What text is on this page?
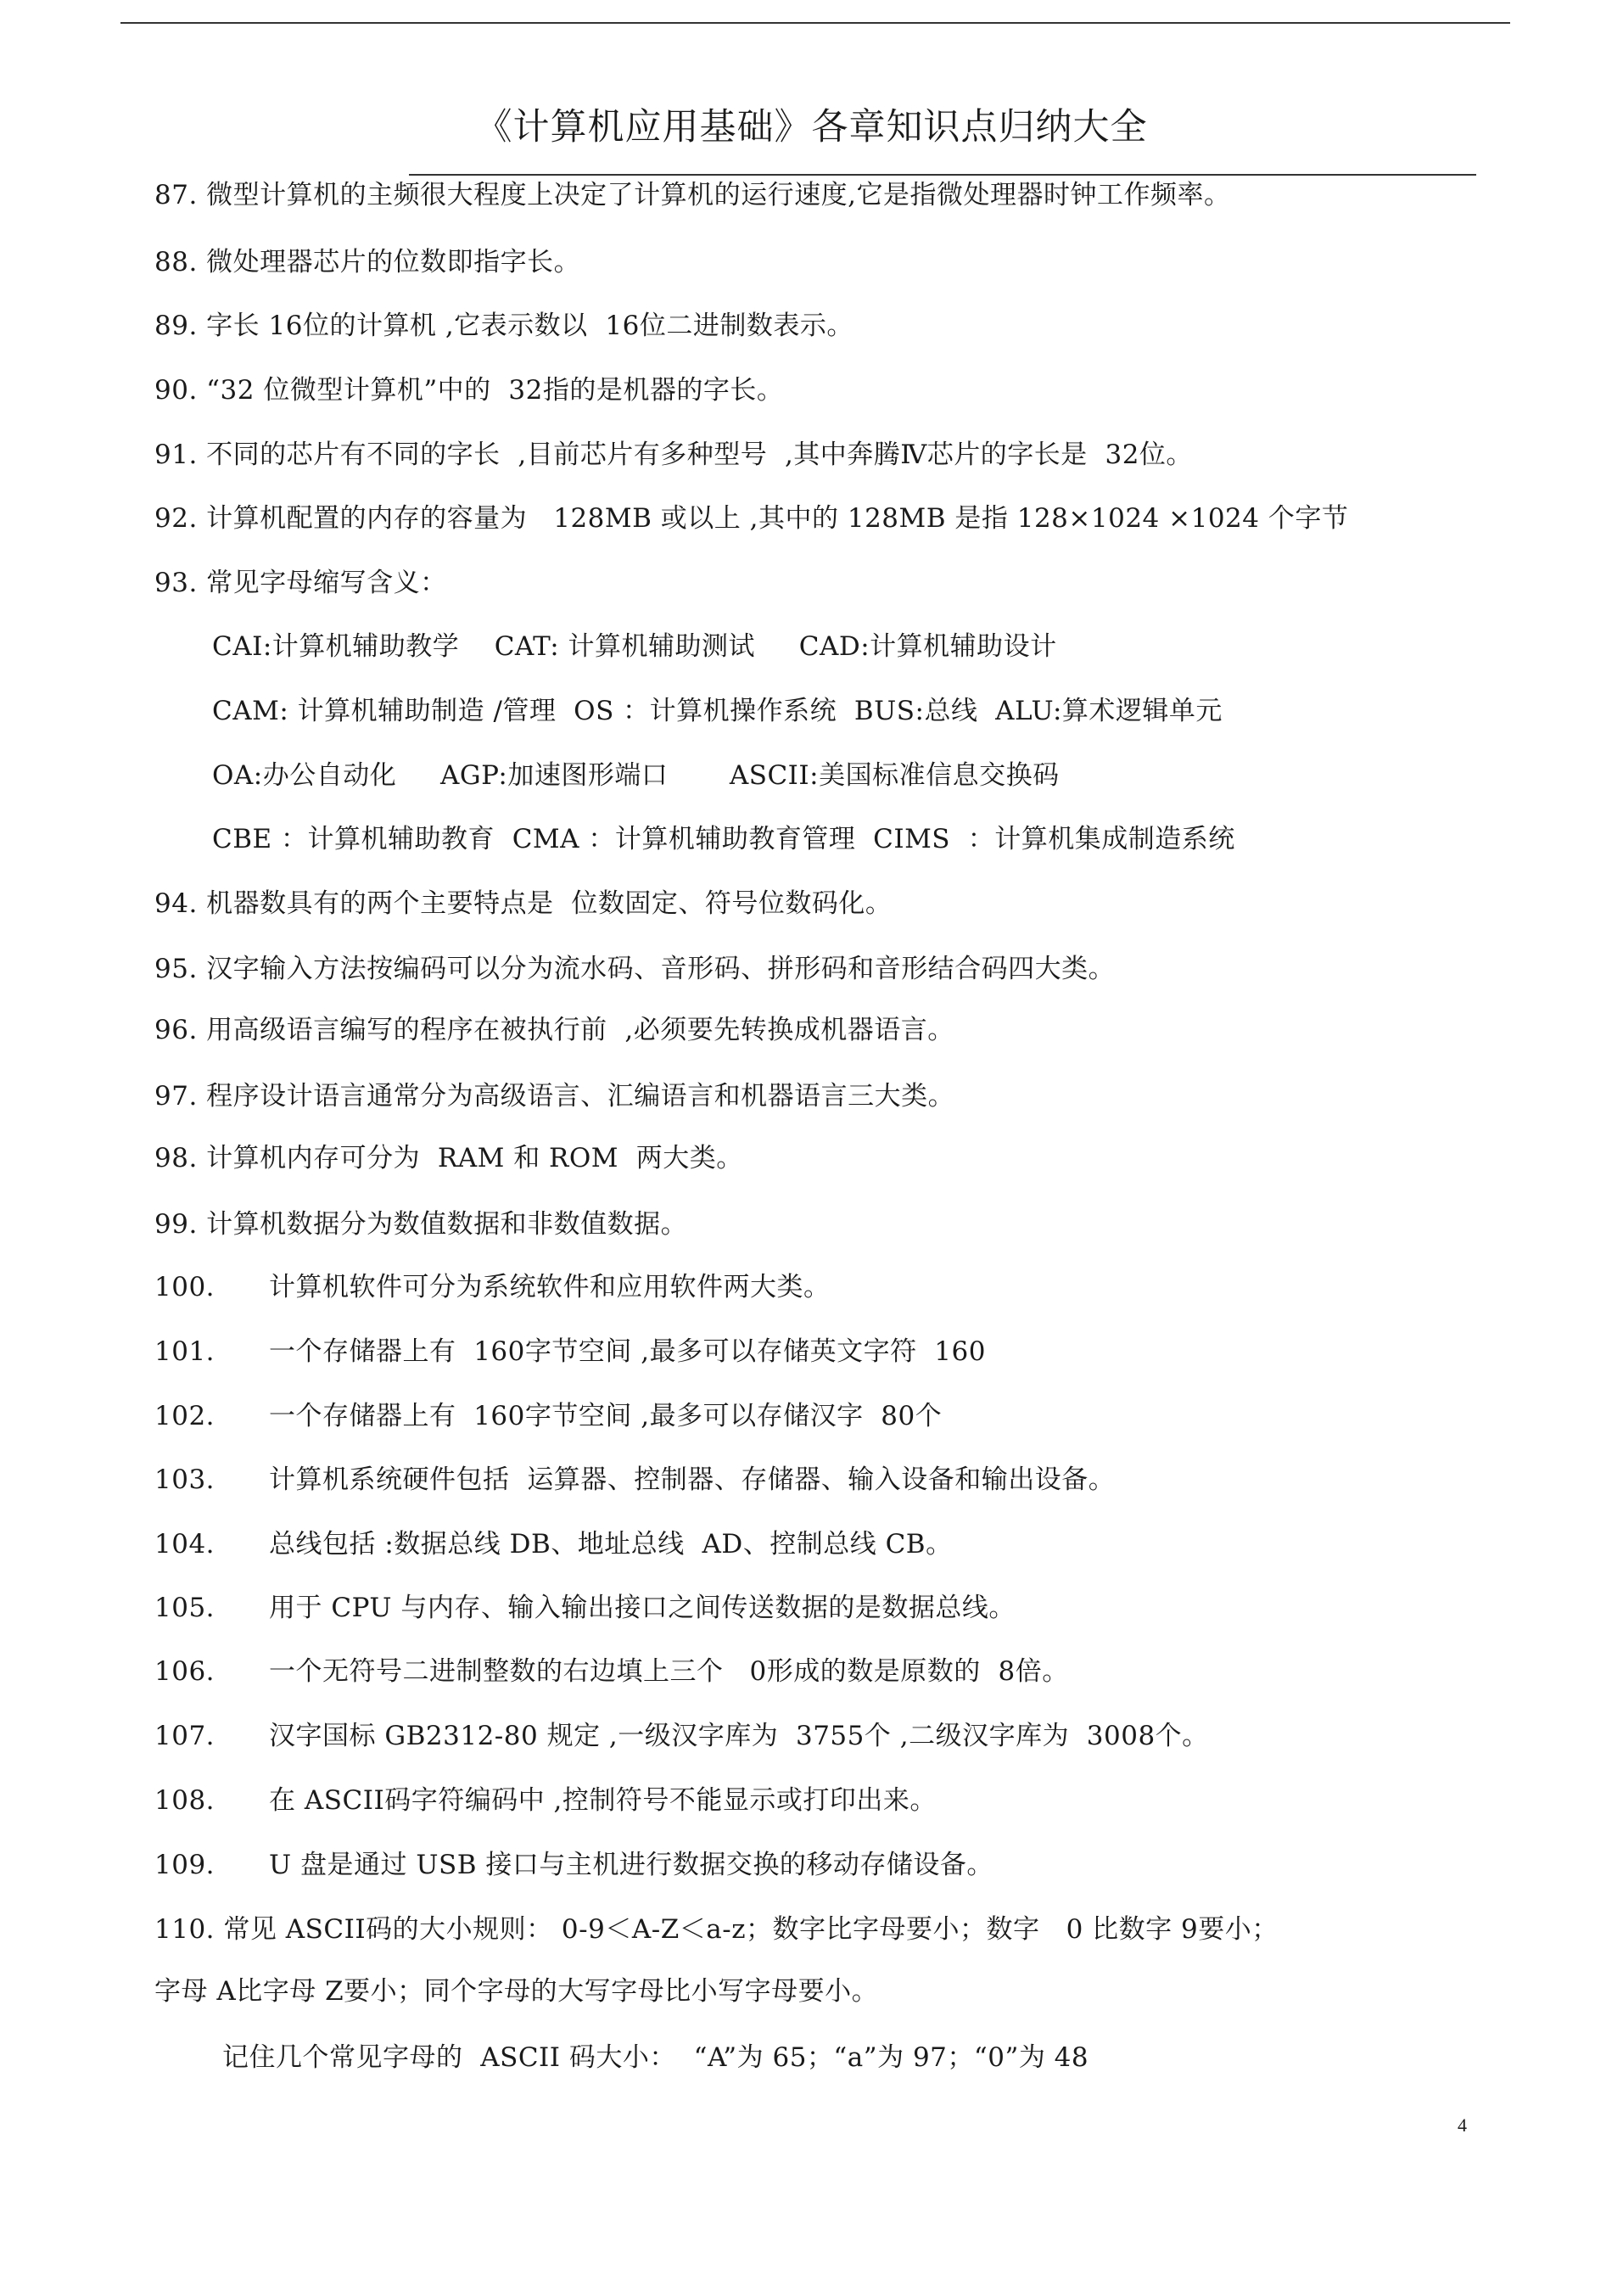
《计算机应用基础》各章知识点归纳大全
87. 微型计算机的主频很大程度上决定了计算机的运行速度,它是指微处理器时钟工作频率。
88. 微处理器芯片的位数即指字长。
89. 字长 16位的计算机 ,它表示数以  16位二进制数表示。
90. “32 位微型计算机”中的  32指的是机器的字长。
91. 不同的芯片有不同的字长  ,目前芯片有多种型号  ,其中奔腾Ⅳ芯片的字长是  32位。
92. 计算机配置的内存的容量为   128MB 或以上 ,其中的 128MB 是指 128×1024 ×1024 个字节
93. 常见字母缩写含义：
CAI:计算机辅助教学    CAT: 计算机辅助测试     CAD:计算机辅助设计
CAM: 计算机辅助制造 /管理  OS ：计算机操作系统  BUS:总线  ALU:算术逻辑单元
OA:办公自动化     AGP:加速图形端口       ASCII:美国标准信息交换码
CBE ：计算机辅助教育  CMA ：计算机辅助教育管理  CIMS  ：计算机集成制造系统
94. 机器数具有的两个主要特点是  位数固定、符号位数码化。
95. 汉字输入方法按编码可以分为流水码、音形码、拼形码和音形结合码四大类。
96. 用高级语言编写的程序在被执行前  ,必须要先转换成机器语言。
97. 程序设计语言通常分为高级语言、汇编语言和机器语言三大类。
98. 计算机内存可分为  RAM 和 ROM  两大类。
99. 计算机数据分为数值数据和非数值数据。
100. 计算机软件可分为系统软件和应用软件两大类。
101. 一个存储器上有  160字节空间 ,最多可以存储英文字符  160
102. 一个存储器上有  160字节空间 ,最多可以存储汉字  80个
103. 计算机系统硬件包括  运算器、控制器、存储器、输入设备和输出设备。
104. 总线包括 :数据总线 DB、地址总线  AD、控制总线 CB。
105. 用于 CPU 与内存、输入输出接口之间传送数据的是数据总线。
106. 一个无符号二进制整数的右边填上三个   0形成的数是原数的  8倍。
107. 汉字国标 GB2312-80 规定 ,一级汉字库为  3755个 ,二级汉字库为  3008个。
108. 在 ASCII码字符编码中 ,控制符号不能显示或打印出来。
109. U 盘是通过 USB 接口与主机进行数据交换的移动存储设备。
110. 常见 ASCII码的大小规则： 0-9＜A-Z＜a-z；数字比字母要小；数字   0 比数字 9要小；
字母 A比字母 Z要小；同个字母的大写字母比小写字母要小。
记住几个常见字母的  ASCII 码大小：  “A”为 65；“a”为 97；“0”为 48
4
